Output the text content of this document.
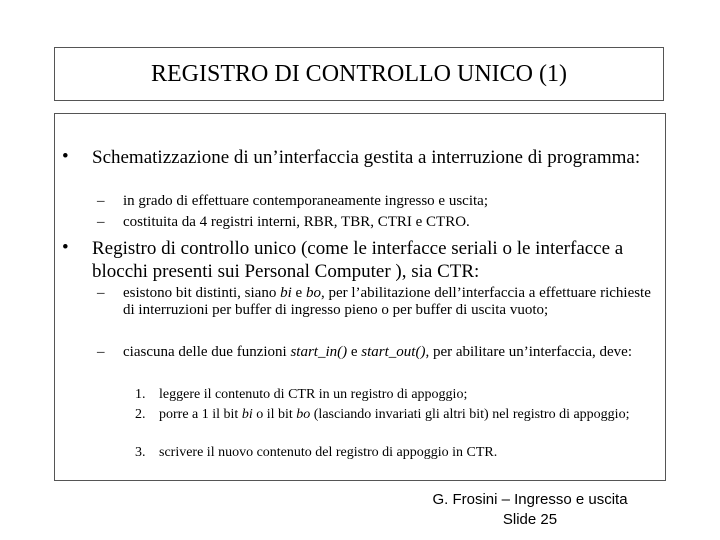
REGISTRO DI CONTROLLO UNICO (1)
• Schematizzazione di un’interfaccia gestita a interruzione di programma:
– in grado di effettuare contemporaneamente ingresso e uscita;
– costituita da 4 registri interni, RBR, TBR, CTRI e CTRO.
• Registro di controllo unico (come le interfacce seriali o le interfacce a blocchi presenti sui Personal Computer ), sia CTR:
– esistono bit distinti, siano bi e bo, per l’abilitazione dell’interfaccia a effettuare richieste di interruzioni per buffer di ingresso pieno o per buffer di uscita vuoto;
– ciascuna delle due funzioni start_in() e start_out(), per abilitare un’interfaccia, deve:
1. leggere il contenuto di CTR in un registro di appoggio;
2. porre a 1 il bit bi o il bit bo (lasciando invariati gli altri bit) nel registro di appoggio;
3. scrivere il nuovo contenuto del registro di appoggio in CTR.
G. Frosini – Ingresso e uscita
Slide 25
